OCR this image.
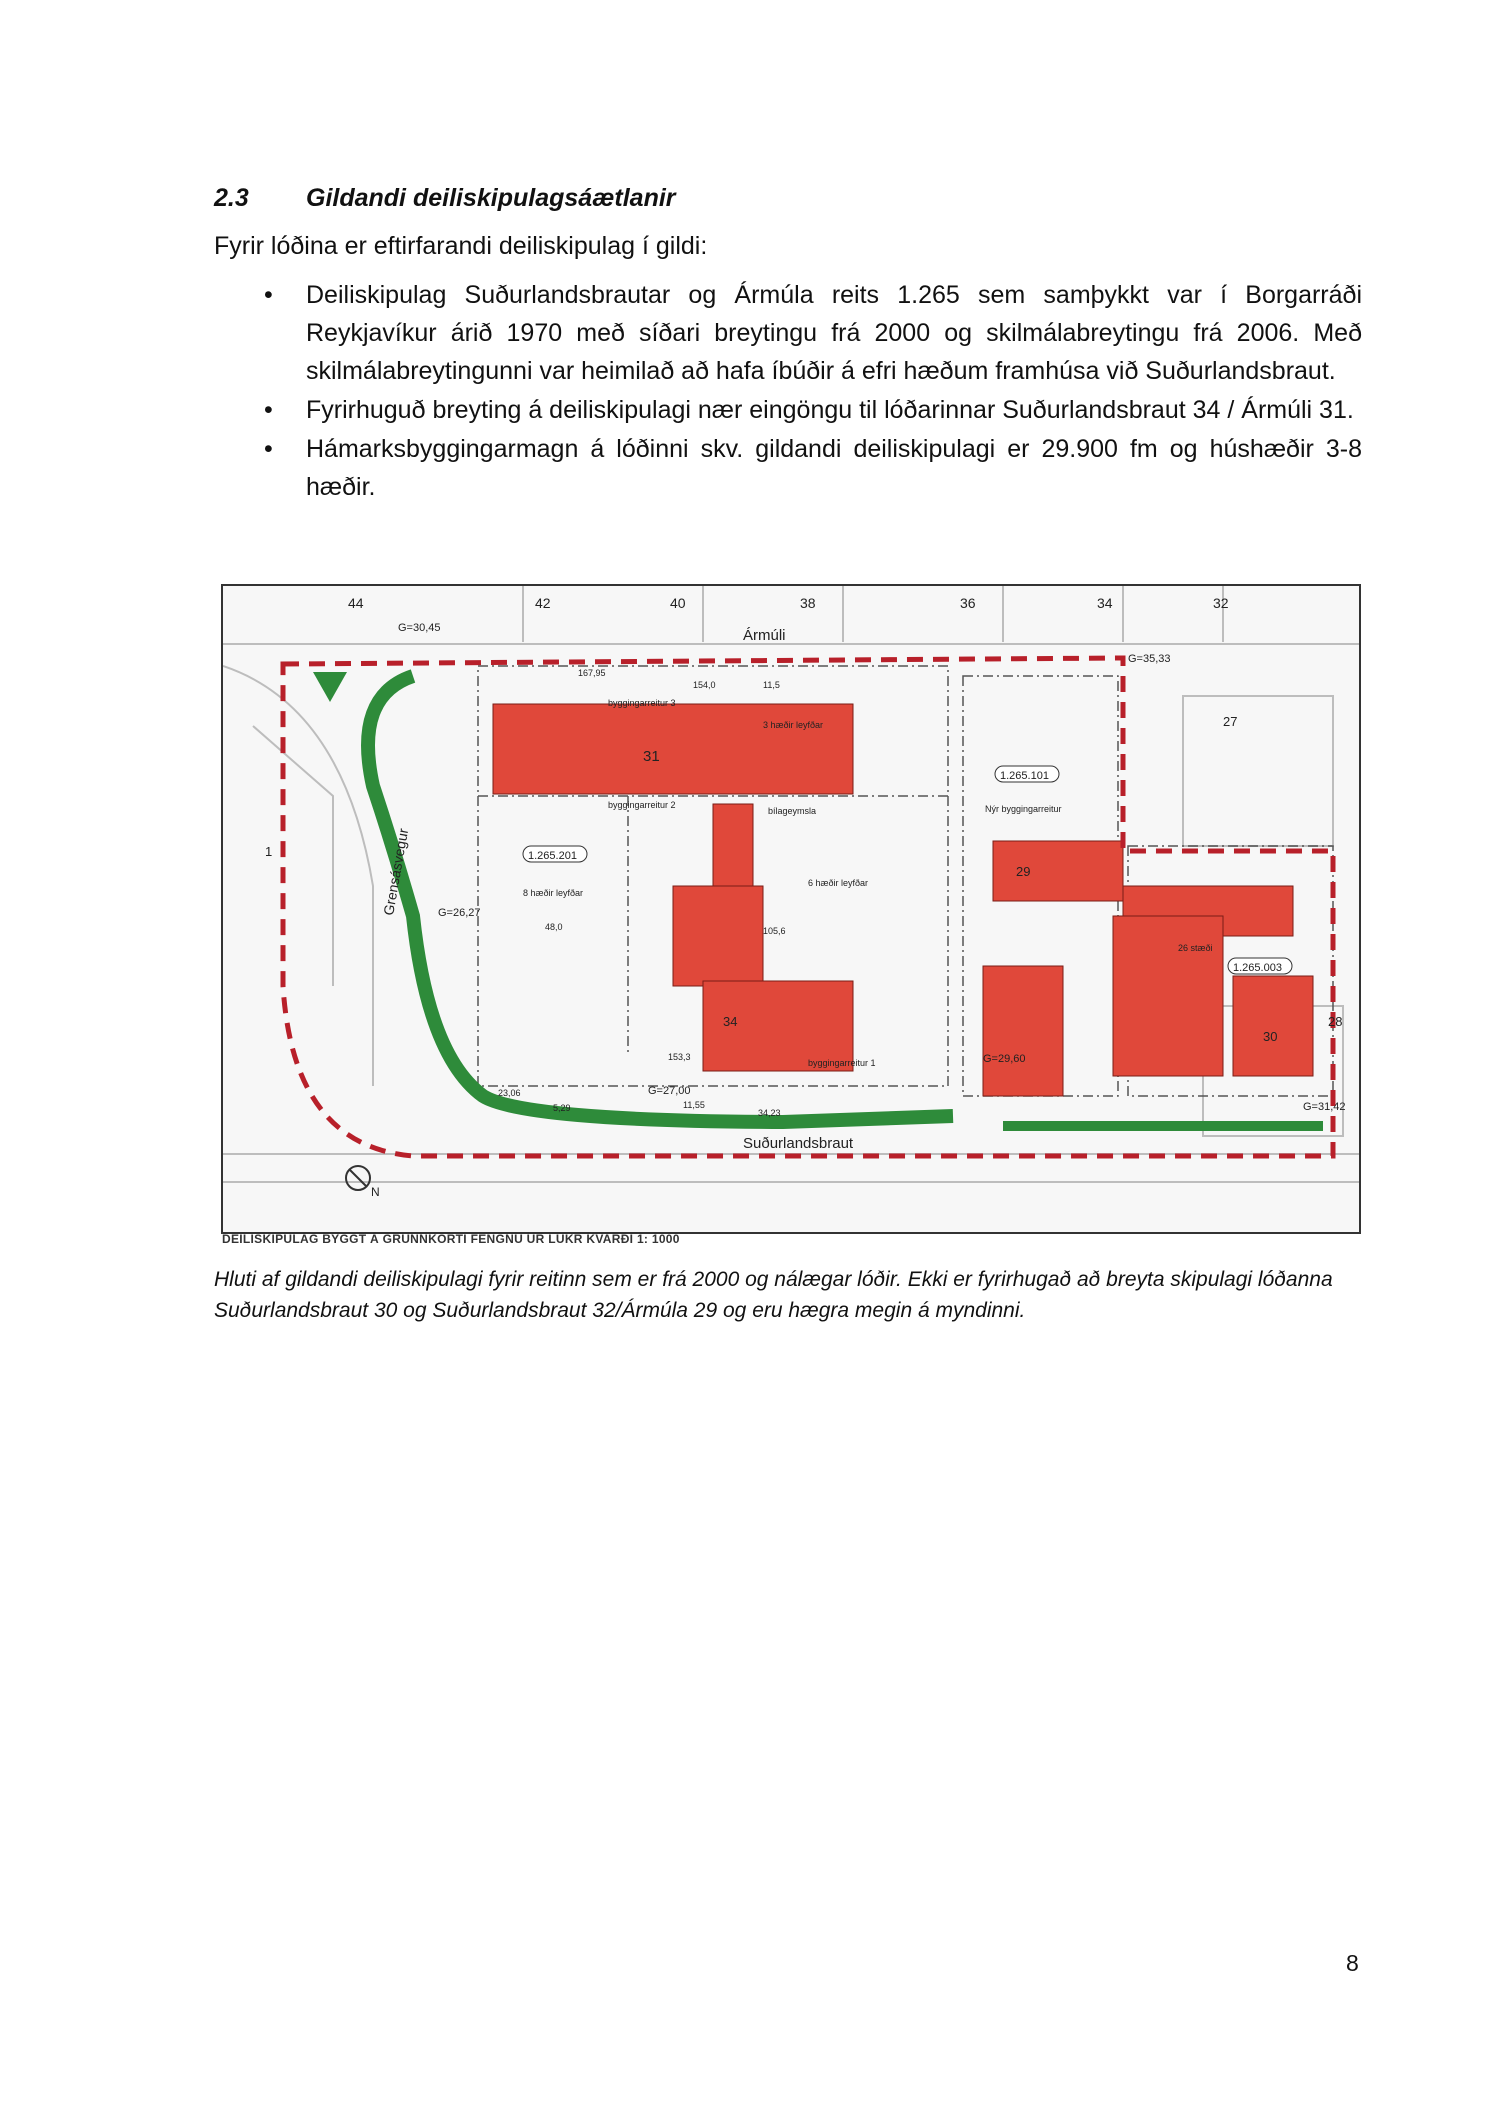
2.3	Gildandi deiliskipulagsáætlanir
Fyrir lóðina er eftirfarandi deiliskipulag í gildi:
• Deiliskipulag Suðurlandsbrautar og Ármúla reits 1.265 sem samþykkt var í Borgarráði Reykjavíkur árið 1970 með síðari breytingu frá 2000 og skilmálabreytingu frá 2006. Með skilmálabreytingunni var heimilað að hafa íbúðir á efri hæðum framhúsa við Suðurlandsbraut.
• Fyrirhuguð breyting á deiliskipulagi nær eingöngu til lóðarinnar Suðurlandsbraut 34 / Ármúli 31.
• Hámarksbyggingarmagn á lóðinni skv. gildandi deiliskipulagi er 29.900 fm og húshæðir 3-8 hæðir.
44	42	40	38	36	34	32
Ármúli
Suðurlandsbraut
Grensásvegur
31
29
30
34
27
28
1	1.265.201
1.265.101
1.265.003
G=30,45
G=26,27
G=27,00
G=29,60
G=35,33
G=31,42
byggingarreitur 3
byggingarreitur 2
byggingarreitur 1
bílageymsla
3 hæðir leyfðar
8 hæðir leyfðar
6 hæðir leyfðar
Nýr byggingarreitur
26 stæði
167,95
154,0
105,6
153,3
48,0
11,5
34,23
23,06
5,29	11,55
N
DEILISKIPULAG BYGGT Á GRUNNKORTI FENGNU ÚR LUKR KVARÐI 1: 1000
Hluti af gildandi deiliskipulagi fyrir reitinn sem er frá 2000 og nálægar lóðir. Ekki er fyrirhugað að breyta skipulagi lóðanna Suðurlandsbraut 30 og Suðurlandsbraut 32/Ármúla 29 og eru hægra megin á myndinni.
8
